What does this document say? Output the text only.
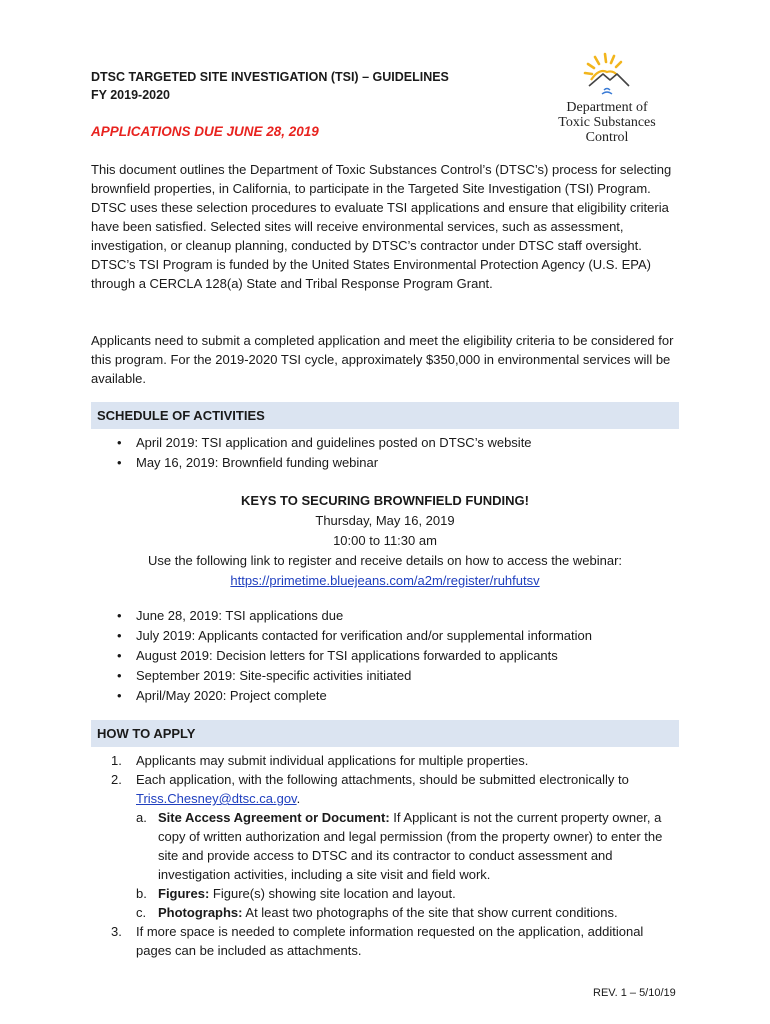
DTSC TARGETED SITE INVESTIGATION (TSI) – GUIDELINES
FY 2019-2020
Department of
Toxic Substances
Control
APPLICATIONS DUE JUNE 28, 2019

This document outlines the Department of Toxic Substances Control’s (DTSC’s) process for selecting brownfield properties, in California, to participate in the Targeted Site Investigation (TSI) Program. DTSC uses these selection procedures to evaluate TSI applications and ensure that eligibility criteria have been satisfied. Selected sites will receive environmental services, such as assessment, investigation, or cleanup planning, conducted by DTSC’s contractor under DTSC staff oversight. DTSC’s TSI Program is funded by the United States Environmental Protection Agency (U.S. EPA) through a CERCLA 128(a) State and Tribal Response Program Grant.

Applicants need to submit a completed application and meet the eligibility criteria to be considered for this program. For the 2019-2020 TSI cycle, approximately $350,000 in environmental services will be available.

SCHEDULE OF ACTIVITIES
• April 2019: TSI application and guidelines posted on DTSC’s website
• May 16, 2019: Brownfield funding webinar
KEYS TO SECURING BROWNFIELD FUNDING!
Thursday, May 16, 2019
10:00 to 11:30 am
Use the following link to register and receive details on how to access the webinar:
https://primetime.bluejeans.com/a2m/register/ruhfutsv
• June 28, 2019: TSI applications due
• July 2019: Applicants contacted for verification and/or supplemental information
• August 2019: Decision letters for TSI applications forwarded to applicants
• September 2019: Site-specific activities initiated
• April/May 2020: Project complete
HOW TO APPLY
1. Applicants may submit individual applications for multiple properties.
2. Each application, with the following attachments, should be submitted electronically to Triss.Chesney@dtsc.ca.gov.
a. Site Access Agreement or Document: If Applicant is not the current property owner, a copy of written authorization and legal permission (from the property owner) to enter the site and provide access to DTSC and its contractor to conduct assessment and investigation activities, including a site visit and field work.
b. Figures: Figure(s) showing site location and layout.
c. Photographs: At least two photographs of the site that show current conditions.
3. If more space is needed to complete information requested on the application, additional pages can be included as attachments.
REV. 1 – 5/10/19
